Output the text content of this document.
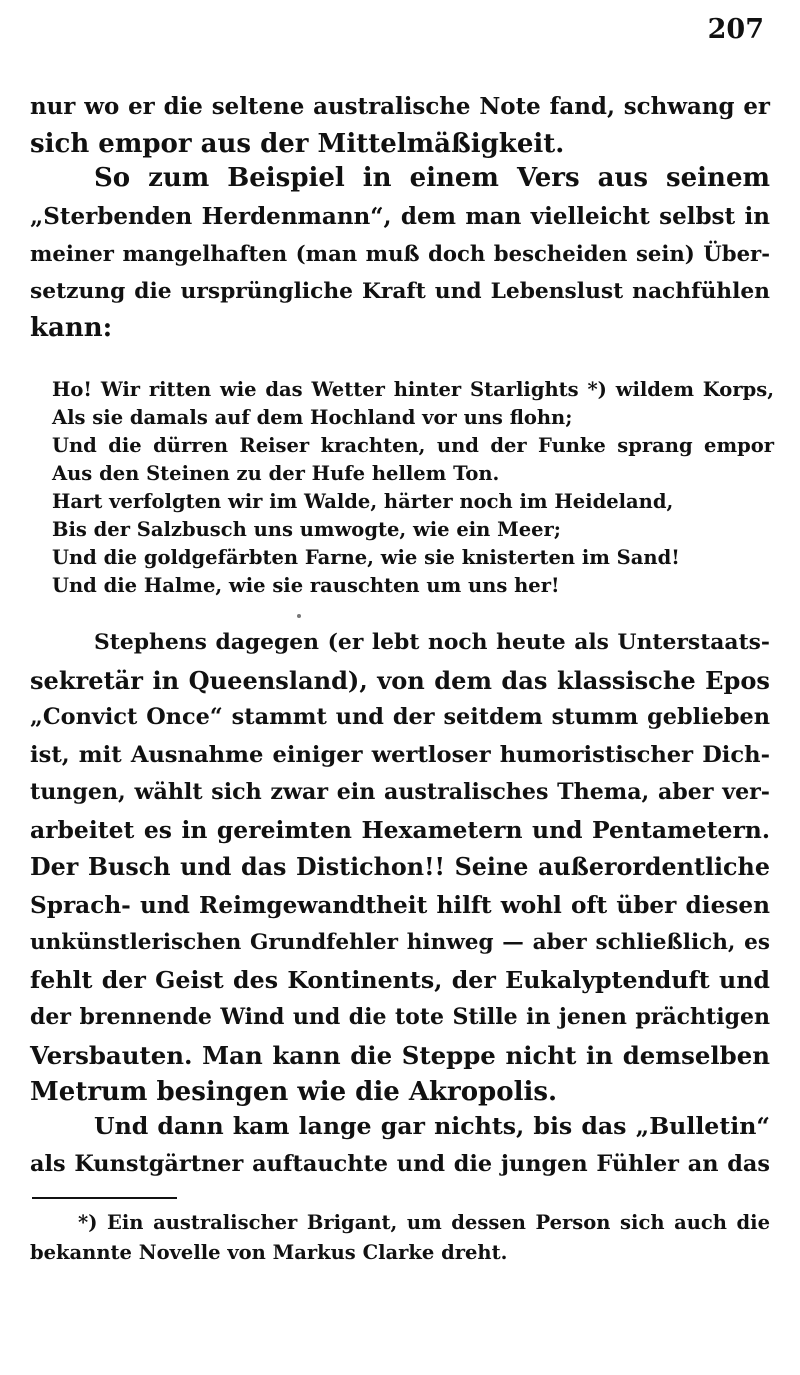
207

nur wo er die seltene australische Note fand, schwang er
sich empor aus der Mittelmäßigkeit.

So zum Beispiel in einem Vers aus seinem
„Sterbenden Herdenmann“, dem man vielleicht selbst in
meiner mangelhaften (man muß doch bescheiden sein) Über-
setzung die ursprüngliche Kraft und Lebenslust nachfühlen
kann:

Ho! Wir ritten wie das Wetter hinter Starlights *) wildem Korps,
Als sie damals auf dem Hochland vor uns flohn;
Und die dürren Reiser krachten, und der Funke sprang empor
Aus den Steinen zu der Hufe hellem Ton.
Hart verfolgten wir im Walde, härter noch im Heideland,
Bis der Salzbusch uns umwogte, wie ein Meer;
Und die goldgefärbten Farne, wie sie knisterten im Sand!
Und die Halme, wie sie rauschten um uns her!

Stephens dagegen (er lebt noch heute als Unterstaats-
sekretär in Queensland), von dem das klassische Epos
„Convict Once“ stammt und der seitdem stumm geblieben
ist, mit Ausnahme einiger wertloser humoristischer Dich-
tungen, wählt sich zwar ein australisches Thema, aber ver-
arbeitet es in gereimten Hexametern und Pentametern.
Der Busch und das Distichon!! Seine außerordentliche
Sprach- und Reimgewandtheit hilft wohl oft über diesen
unkünstlerischen Grundfehler hinweg — aber schließlich, es
fehlt der Geist des Kontinents, der Eukalyptenduft und
der brennende Wind und die tote Stille in jenen prächtigen
Versbauten. Man kann die Steppe nicht in demselben
Metrum besingen wie die Akropolis.

Und dann kam lange gar nichts, bis das „Bulletin“
als Kunstgärtner auftauchte und die jungen Fühler an das

*) Ein australischer Brigant, um dessen Person sich auch die
bekannte Novelle von Markus Clarke dreht.
